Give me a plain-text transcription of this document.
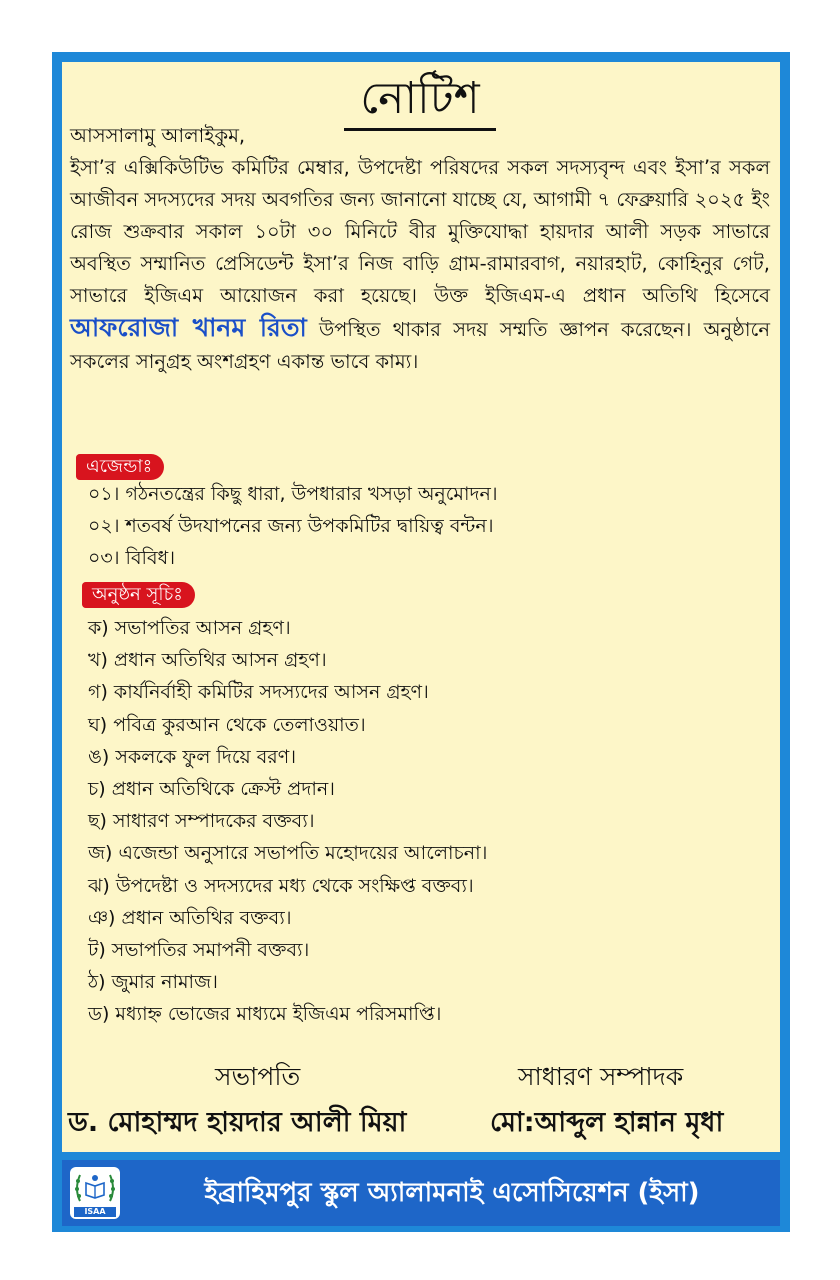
নোটিশ

আসসালামু আলাইকুম,

ইসা’র এক্সিকিউটিভ কমিটির মেম্বার, উপদেষ্টা পরিষদের সকল সদস্যবৃন্দ এবং ইসা’র সকল আজীবন সদস্যদের সদয় অবগতির জন্য জানানো যাচ্ছে যে, আগামী ৭ ফেব্রুয়ারি ২০২৫ ইং রোজ শুক্রবার সকাল ১০টা ৩০ মিনিটে বীর মুক্তিযোদ্ধা হায়দার আলী সড়ক সাভারে অবস্থিত সম্মানিত প্রেসিডেন্ট ইসা’র নিজ বাড়ি গ্রাম-রামারবাগ, নয়ারহাট, কোহিনুর গেট, সাভারে ইজিএম আয়োজন করা হয়েছে। উক্ত ইজিএম-এ প্রধান অতিথি হিসেবে আফরোজা খানম রিতা উপস্থিত থাকার সদয় সম্মতি জ্ঞাপন করেছেন। অনুষ্ঠানে সকলের সানুগ্রহ অংশগ্রহণ একান্ত ভাবে কাম্য।

এজেন্ডাঃ
০১। গঠনতন্ত্রের কিছু ধারা, উপধারার খসড়া অনুমোদন।
০২। শতবর্ষ উদযাপনের জন্য উপকমিটির দ্বায়িত্ব বন্টন।
০৩। বিবিধ।
অনুষ্ঠন সূচিঃ
ক) সভাপতির আসন গ্রহণ।
খ) প্রধান অতিথির আসন গ্রহণ।
গ) কার্যনির্বাহী কমিটির সদস্যদের আসন গ্রহণ।
ঘ) পবিত্র কুরআন থেকে তেলাওয়াত।
ঙ) সকলকে ফুল দিয়ে বরণ।
চ) প্রধান অতিথিকে ক্রেস্ট প্রদান।
ছ) সাধারণ সম্পাদকের বক্তব্য।
জ) এজেন্ডা অনুসারে সভাপতি মহোদয়ের আলোচনা।
ঝ) উপদেষ্টা ও সদস্যদের মধ্য থেকে সংক্ষিপ্ত বক্তব্য।
ঞ) প্রধান অতিথির বক্তব্য।
ট) সভাপতির সমাপনী বক্তব্য।
ঠ) জুমার নামাজ।
ড) মধ্যাহ্ন ভোজের মাধ্যমে ইজিএম পরিসমাপ্তি।
সভাপতি	সাধারণ সম্পাদক
ড. মোহাম্মদ হায়দার আলী মিয়া	মো:আব্দুল হান্নান মৃধা
ISAA
ইব্রাহিমপুর স্কুল অ্যালামনাই এসোসিয়েশন (ইসা)
